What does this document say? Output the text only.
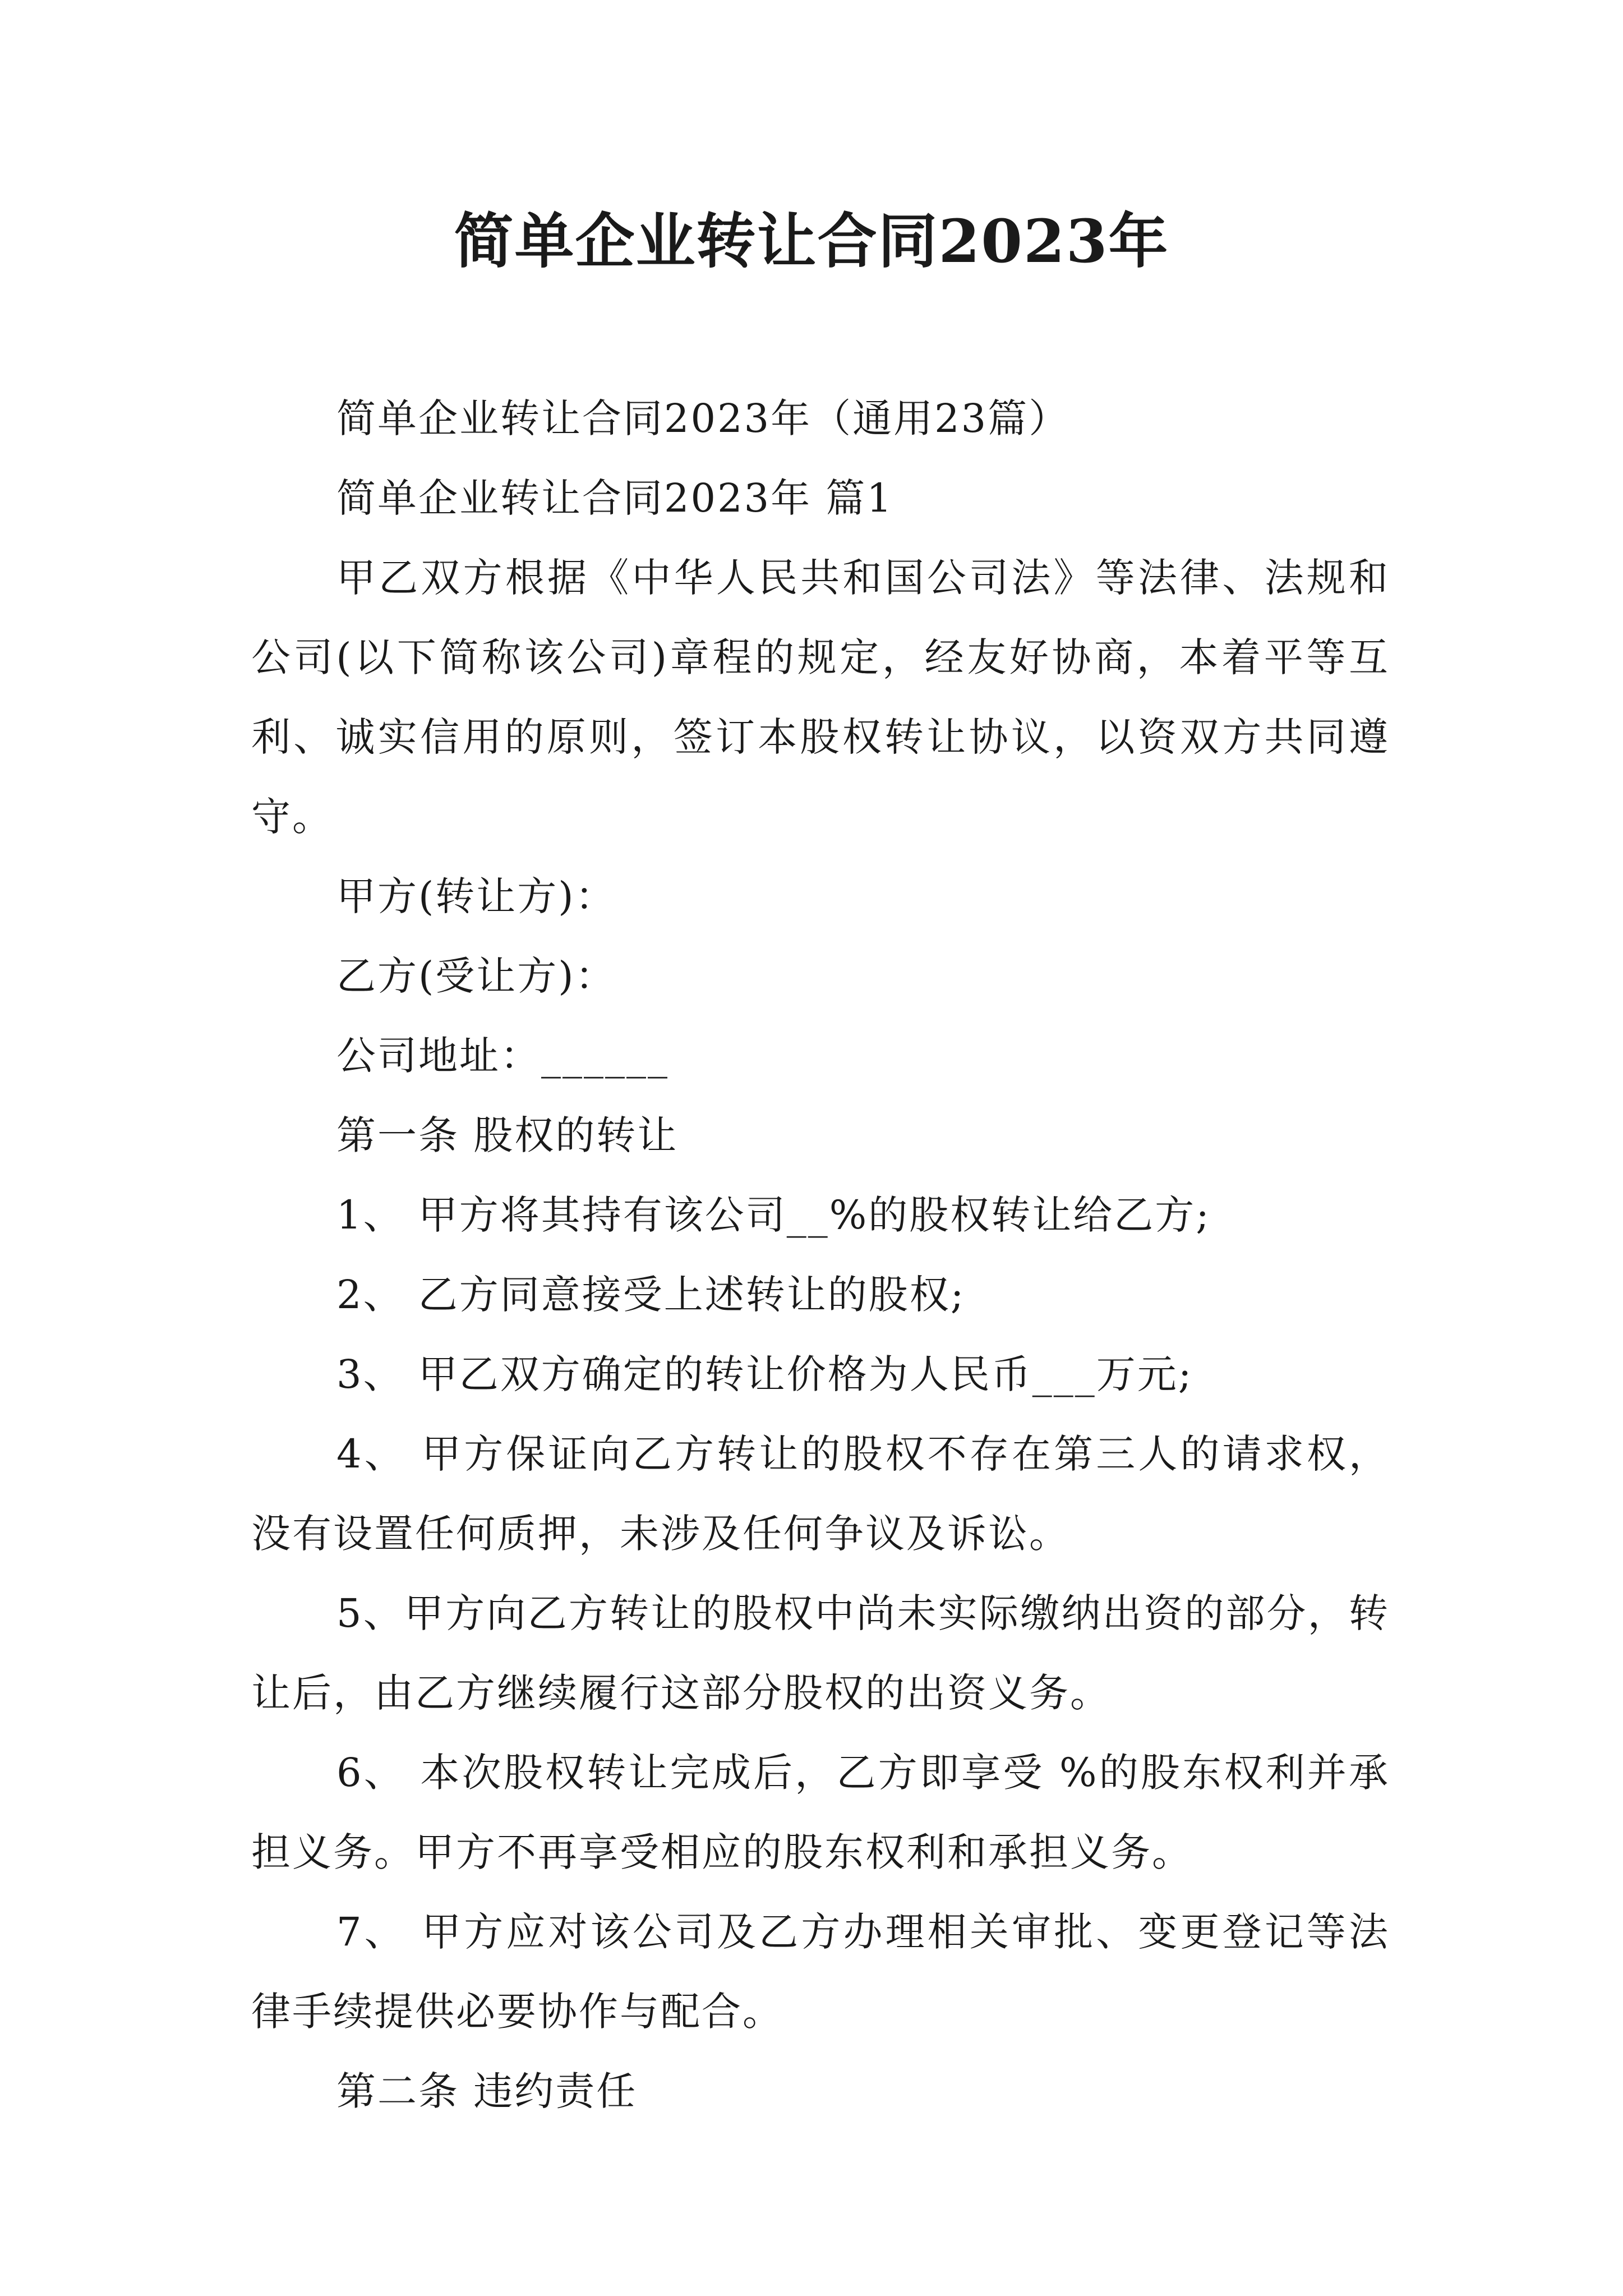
简单企业转让合同2023年

简单企业转让合同2023年（通用23篇）

简单企业转让合同2023年 篇1

甲乙双方根据《中华人民共和国公司法》等法律、法规和 公司(以下简称该公司)章程的规定，经友好协商，本着平等互利、诚实信用的原则，签订本股权转让协议，以资双方共同遵守。

甲方(转让方)：

乙方(受让方)：

公司地址：______

第一条 股权的转让

1、 甲方将其持有该公司__%的股权转让给乙方;

2、 乙方同意接受上述转让的股权;

3、 甲乙双方确定的转让价格为人民币___万元;

4、 甲方保证向乙方转让的股权不存在第三人的请求权，没有设置任何质押，未涉及任何争议及诉讼。

5、甲方向乙方转让的股权中尚未实际缴纳出资的部分，转让后，由乙方继续履行这部分股权的出资义务。

6、 本次股权转让完成后，乙方即享受 %的股东权利并承担义务。甲方不再享受相应的股东权利和承担义务。

7、 甲方应对该公司及乙方办理相关审批、变更登记等法律手续提供必要协作与配合。

第二条 违约责任
